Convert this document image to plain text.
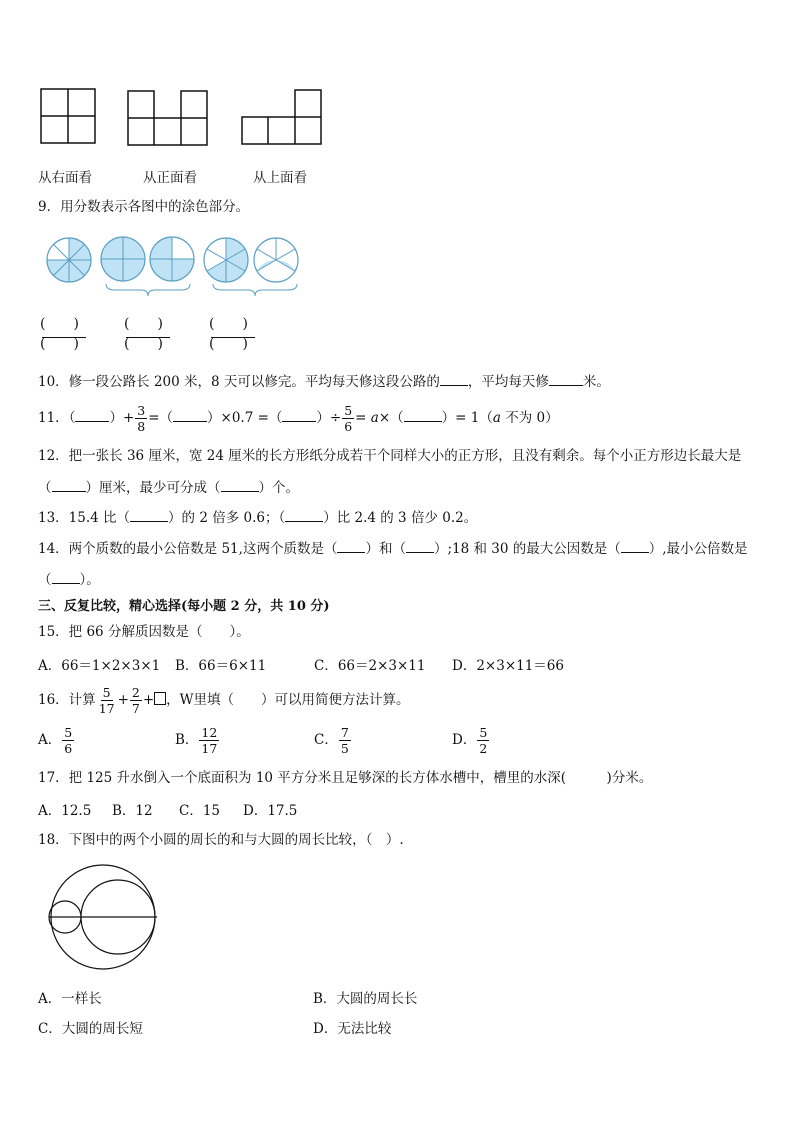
从右面看	从正面看	从上面看
9．用分数表示各图中的涂色部分。
(　　)
(　　)
(　　)
(　　)
(　　)
(　　)
10．修一段公路长 200 米，8 天可以修完。平均每天修这段公路的 ，平均每天修	米。
11．（	）+ $\frac{3}{8}$ =（	）×0.7 =（	）÷ $\frac{5}{6} = a\times$（	）= 1（a 不为 0）
12．把一张长 36 厘米，宽 24 厘米的长方形纸分成若干个同样大小的正方形，且没有剩余。每个小正方形边长最大是
（	）厘米，最少可分成（	）个。
13．15.4 比（	）的 2 倍多 0.6；（	）比 2.4 的 3 倍少 0.2。
14．两个质数的最小公倍数是 51,这两个质数是（ ）和（ ）;18 和 30 的最大公因数是（ ）,最小公倍数是
（ ）。
三、反复比较，精心选择(每小题 2 分，共 10 分)
15．把 66 分解质因数是（　　）。
A．66＝1×2×3×1 B．66＝6×11	C．66＝2×3×11 D．2×3×11＝66
16．计算 $\frac{5}{17} + \frac{2}{7}$ + ，W里填（　　）可以用简便方法计算。
A． $\frac{5}{6}$	B． $\frac{12}{17}$	C． $\frac{7}{5}$	D． $\frac{5}{2}$
17．把 125 升水倒入一个底面积为 10 平方分米且足够深的长方体水槽中，槽里的水深(　　　)分米。
A．12.5 B．12 C．15 D．17.5
18．下图中的两个小圆的周长的和与大圆的周长比较，（　）.
A．一样长	B．大圆的周长长
C．大圆的周长短	D．无法比较
